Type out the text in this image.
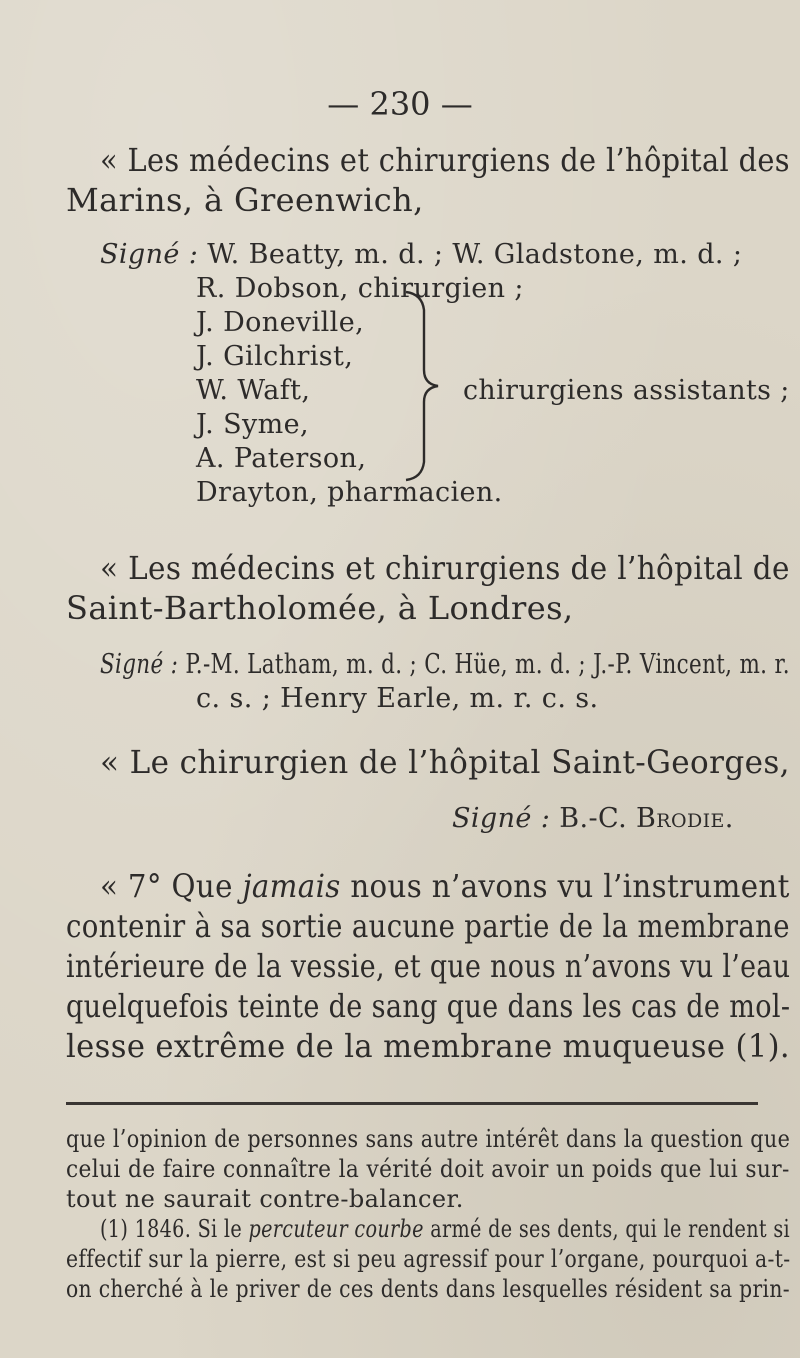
— 230 —
« Les médecins et chirurgiens de l’hôpital des
Marins, à Greenwich,
Signé : W. Beatty, m. d. ; W. Gladstone, m. d. ;
R. Dobson, chirurgien ;
J. Doneville,
J. Gilchrist,
W. Waft,
J. Syme,
A. Paterson,
chirurgiens assistants ;
Drayton, pharmacien.
« Les médecins et chirurgiens de l’hôpital de
Saint-Bartholomée, à Londres,
Signé : P.-M. Latham, m. d. ; C. Hüe, m. d. ; J.-P. Vincent, m. r.
c. s. ; Henry Earle, m. r. c. s.
« Le chirurgien de l’hôpital Saint-Georges,
Signé : B.-C. Brodie.
« 7° Que jamais nous n’avons vu l’instrument
contenir à sa sortie aucune partie de la membrane
intérieure de la vessie, et que nous n’avons vu l’eau
quelquefois teinte de sang que dans les cas de mol-
lesse extrême de la membrane muqueuse (1).
que l’opinion de personnes sans autre intérêt dans la question que
celui de faire connaître la vérité doit avoir un poids que lui sur-
tout ne saurait contre-balancer.
(1) 1846. Si le percuteur courbe armé de ses dents, qui le rendent si
effectif sur la pierre, est si peu agressif pour l’organe, pourquoi a-t-
on cherché à le priver de ces dents dans lesquelles résident sa prin-
